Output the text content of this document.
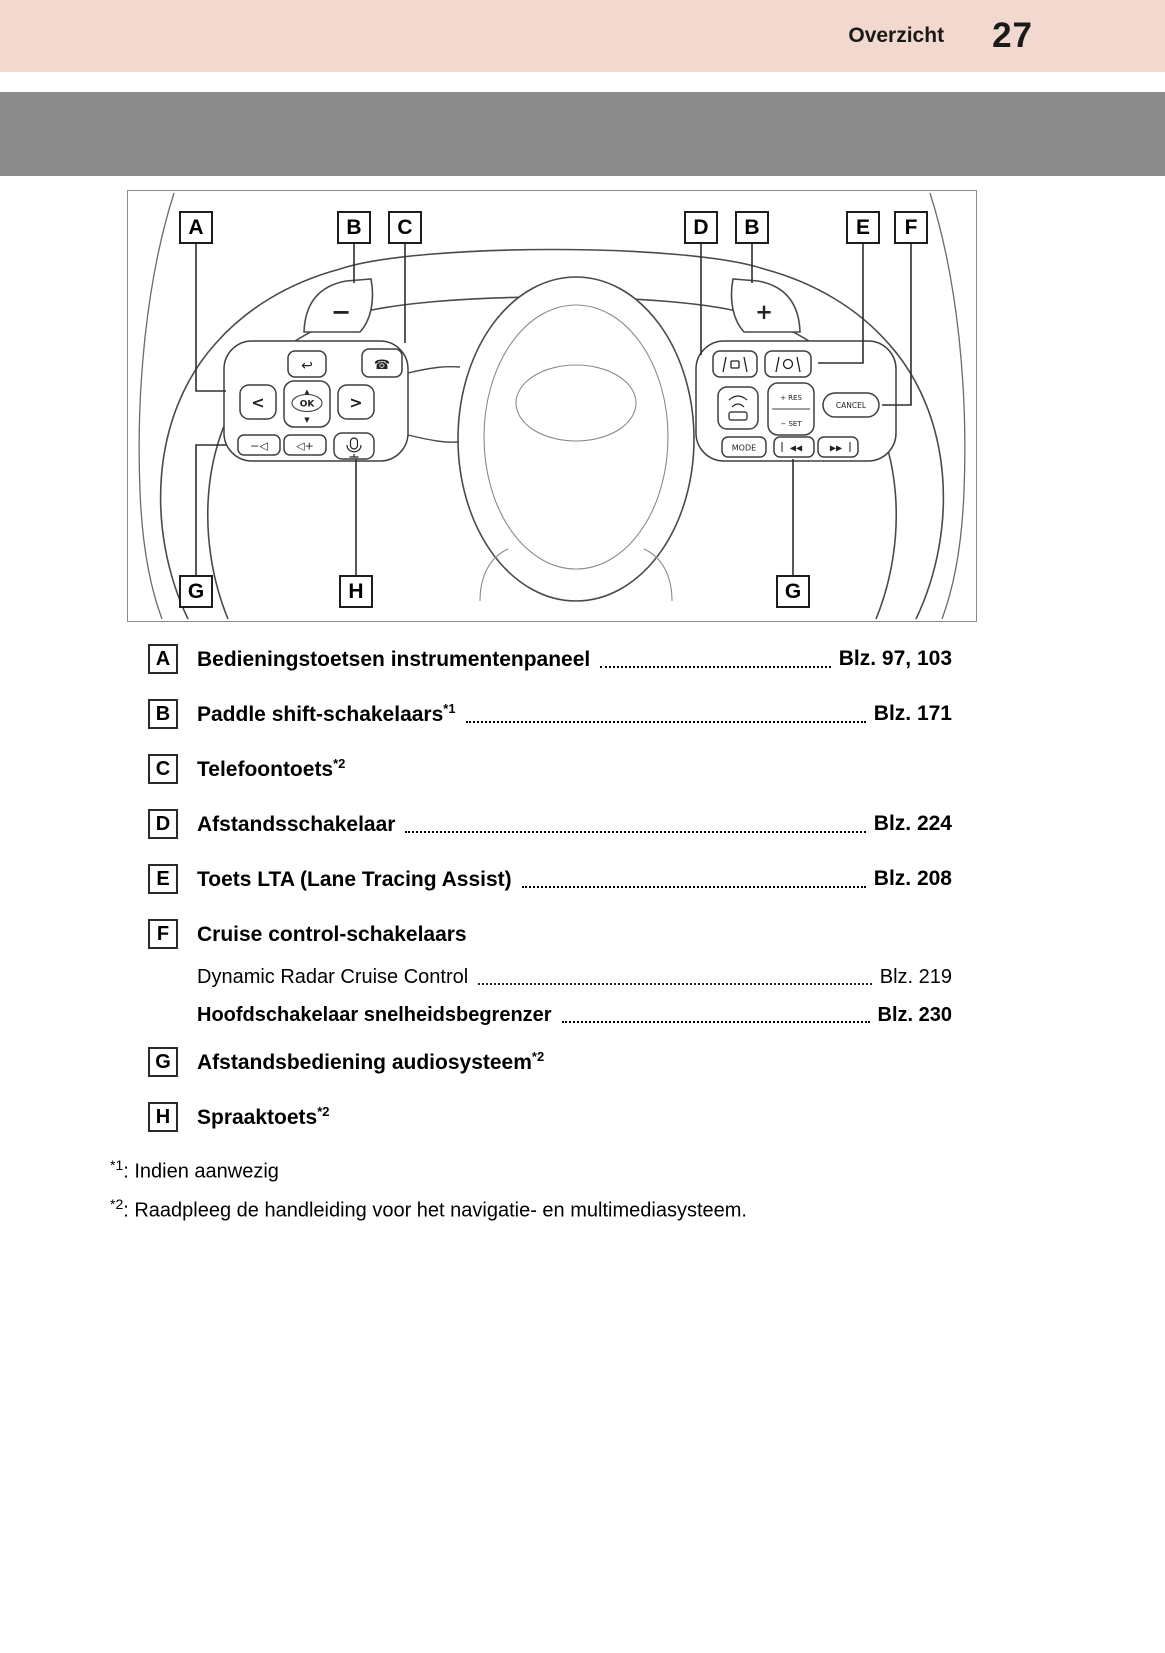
Overzicht 27
−	+
↩	☎
<
▲
OK
▼
>
−◁	◁+
+ RES
− SET
CANCEL
MODE	◀◀	▶▶
A	B	C	D	B	E	F
G	H	G
A	Bedieningstoetsen instrumentenpaneel	Blz. 97, 103
B	Paddle shift-schakelaars$^{*1}$	Blz. 171
C	Telefoontoets$^{*2}$
D	Afstandsschakelaar	Blz. 224
E	Toets LTA (Lane Tracing Assist)	Blz. 208
F	Cruise control-schakelaars
Dynamic Radar Cruise Control	Blz. 219
Hoofdschakelaar snelheidsbegrenzer	Blz. 230
G	Afstandsbediening audiosysteem$^{*2}$
H	Spraaktoets$^{*2}$
$^{*1}$: Indien aanwezig
$^{*2}$: Raadpleeg de handleiding voor het navigatie- en multimediasysteem.
